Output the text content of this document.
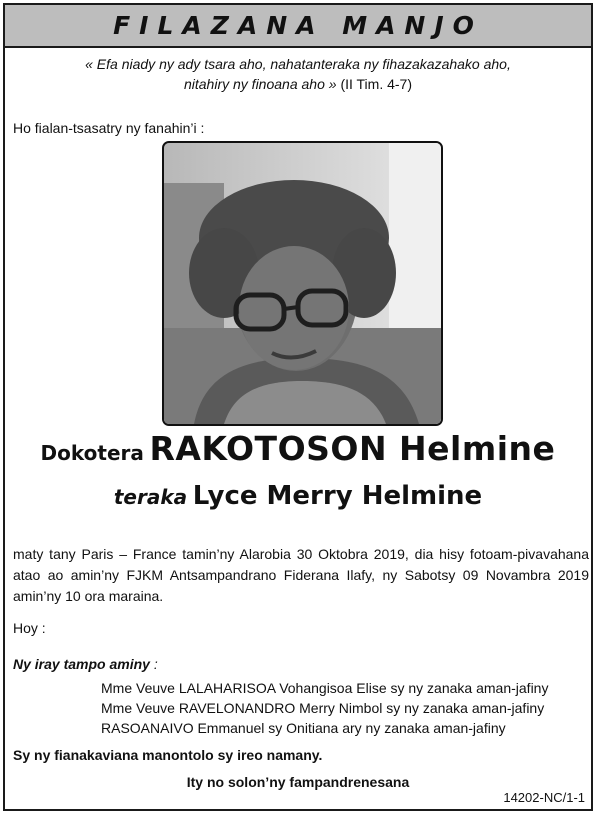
FILAZANA MANJO
« Efa niady ny ady tsara aho, nahatanteraka ny fihazakazahako aho,
nitahiry ny finoana aho » (II Tim. 4-7)
Ho fialan-tsasatry ny fanahin’i :
Dokotera RAKOTOSON Helmine
teraka Lyce Merry Helmine
maty tany Paris – France tamin’ny Alarobia 30 Oktobra 2019, dia hisy fotoam-pivavahana atao ao amin’ny FJKM Antsampandrano Fiderana Ilafy, ny Sabotsy 09 Novambra 2019 amin’ny 10 ora maraina.
Hoy :
Ny iray tampo aminy :
Mme Veuve LALAHARISOA Vohangisoa Elise sy ny zanaka aman-jafiny
Mme Veuve RAVELONANDRO Merry Nimbol sy ny zanaka aman-jafiny
RASOANAIVO Emmanuel sy Onitiana ary ny zanaka aman-jafiny
Sy ny fianakaviana manontolo sy ireo namany.
Ity no solon’ny fampandrenesana
14202-NC/1-1
